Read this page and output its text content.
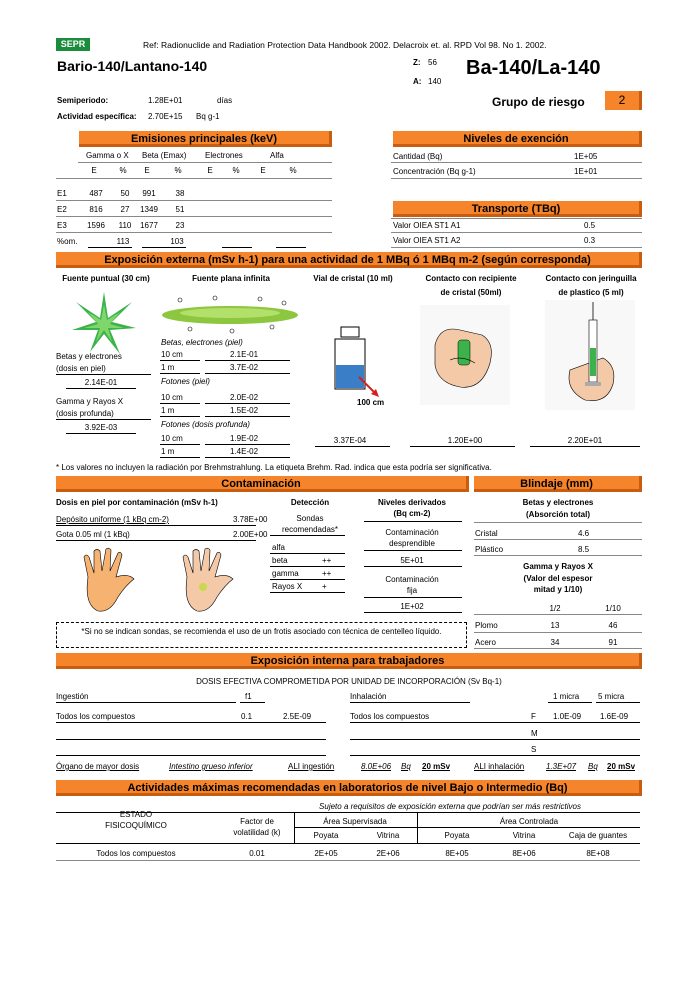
SEPR	Ref: Radionuclide and Radiation Protection Data Handbook 2002. Delacroix et. al. RPD Vol 98. No 1. 2002.
Bario-140/Lantano-140	Z: 56
A: 140
Ba-140/La-140
Semiperiodo:	1.28E+01	días
Actividad específica: 2.70E+15 Bq g-1
Grupo de riesgo	2
Emisiones principales (keV)
Gamma o X Beta (Emax) Electrones	Alfa
E	%	E	%	E	%	E	%
E1	487	50	991	38
E2	816	27	1349	51
E3	1596	110	1677	23
%om.	113	103
Niveles de exención
Cantidad (Bq)	1E+05
Concentración (Bq g-1)	1E+01
Transporte (TBq)
Valor OIEA ST1 A1	0.5
Valor OIEA ST1 A2	0.3
Exposición externa (mSv h-1) para una actividad de 1 MBq ó 1 MBq m-2 (según corresponda)
Fuente puntual (30 cm)	Fuente plana infinita	Vial de cristal (10 ml)	Contacto con recipiente
de cristal (50ml)
Contacto con jeringuilla
de plastico (5 ml)
Betas y electrones
(dosis en piel)
2.14E-01
Gamma y Rayos X
(dosis profunda)
3.92E-03
Betas, electrones (piel)
10 cm	2.1E-01
1 m	3.7E-02
10 cm	2.0E-02
1 m	1.5E-02
10 cm	1.9E-02
1 m	1.4E-02
Fotones (piel)
Fotones (dosis profunda)
100 cm
3.37E-04	1.20E+00	2.20E+01
* Los valores no incluyen la radiación por Brehmstrahlung. La etiqueta Brehm. Rad. indica que esta podría ser significativa.
Contaminación
Dosis en piel por contaminación (mSv h-1)
Depósito uniforme (1 kBq cm-2)	3.78E+00
Gota 0.05 ml (1 kBq)	2.00E+00
Detección
Sondas
recomendadas*
alfa
beta	++
gamma	++
Rayos X +
Niveles derivados
(Bq cm-2)
Contaminación
desprendible
5E+01
Contaminación
fija
1E+02
*Si no se indican sondas, se recomienda el uso de un frotis asociado con técnica de centelleo líquido.
Blindaje (mm)
Betas y electrones
(Absorción total)
Cristal	4.6
Plástico	8.5
Gamma y Rayos X
(Valor del espesor
mitad y 1/10)
1/2	1/10
Plomo	13	46
Acero	34	91
Exposición interna para trabajadores
DOSIS EFECTIVA COMPROMETIDA POR UNIDAD DE INCORPORACIÓN (Sv Bq-1)
Ingestión	f1	Inhalación	1 micra 5 micra
Todos los compuestos	0.1	2.5E-09	Todos los compuestos	F 1.0E-09 1.6E-09
M
S
Órgano de mayor dosis	Intestino grueso inferior	ALI ingestión	8.0E+06 Bq 20 mSv	ALI inhalación	1.3E+07 Bq 20 mSv
Actividades máximas recomendadas en laboratorios de nivel Bajo o Intermedio (Bq)
Sujeto a requisitos de exposición externa que podrían ser más restrictivos
ESTADO
FISICOQUÍMICO	Factor de
volatilidad (k)
Área Supervisada	Área Controlada
Poyata	Vitrina	Poyata	Vitrina	Caja de guantes
Todos los compuestos	0.01	2E+05	2E+06	8E+05	8E+06	8E+08
